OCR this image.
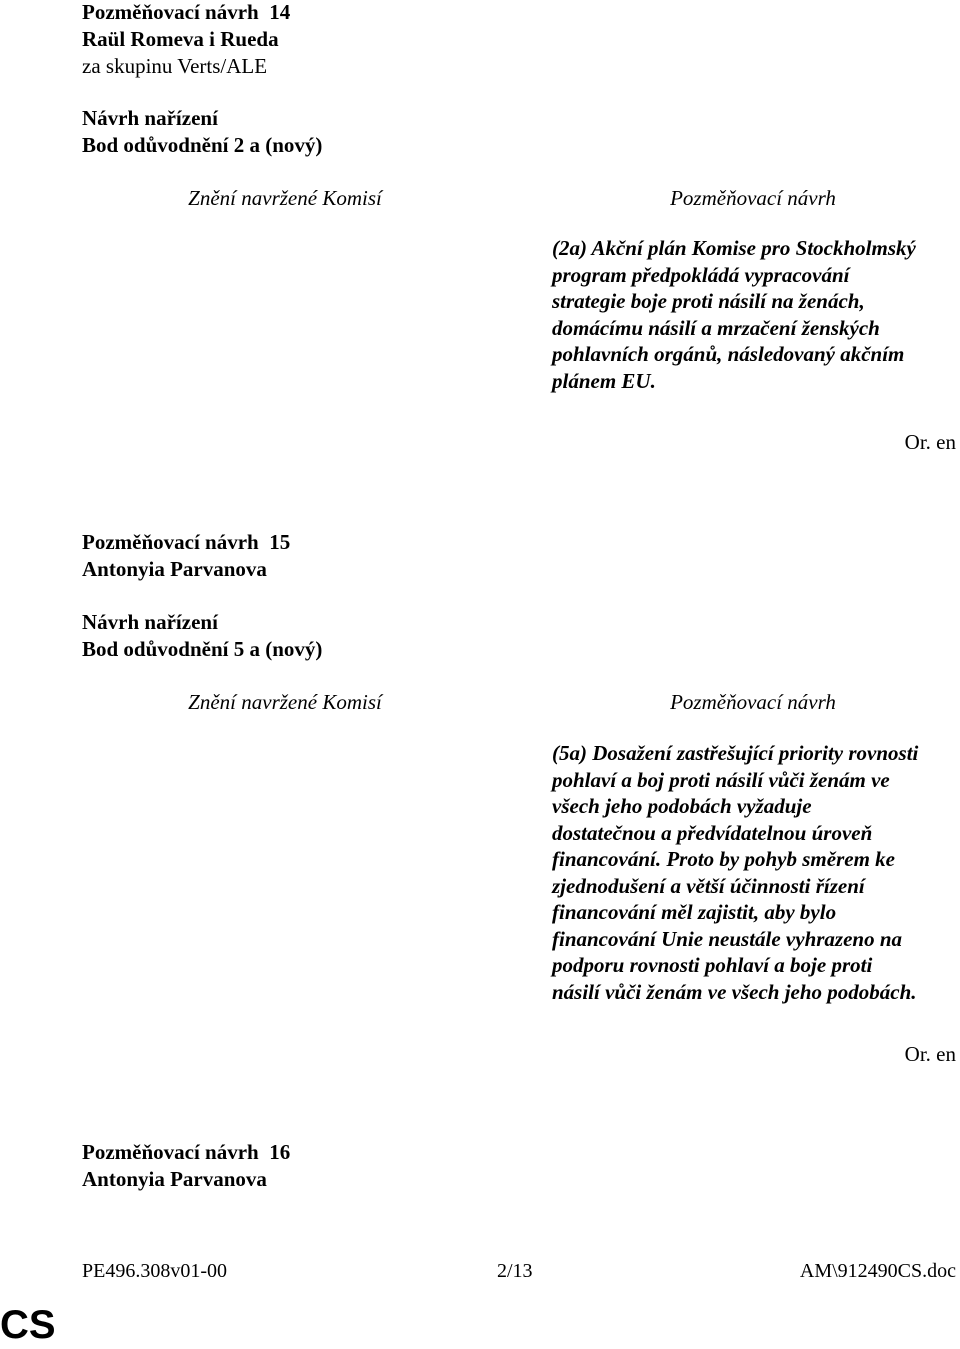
Pozměňovací návrh 14
Raül Romeva i Rueda
za skupinu Verts/ALE
Návrh nařízení
Bod odůvodnění 2 a (nový)
Znění navržené Komisí	Pozměňovací návrh
(2a) Akční plán Komise pro Stockholmský
program předpokládá vypracování
strategie boje proti násilí na ženách,
domácímu násilí a mrzačení ženských
pohlavních orgánů, následovaný akčním
plánem EU.
Or. en
Pozměňovací návrh 15
Antonyia Parvanova
Návrh nařízení
Bod odůvodnění 5 a (nový)
Znění navržené Komisí	Pozměňovací návrh
(5a) Dosažení zastřešující priority rovnosti
pohlaví a boj proti násilí vůči ženám ve
všech jeho podobách vyžaduje
dostatečnou a předvídatelnou úroveň
financování. Proto by pohyb směrem ke
zjednodušení a větší účinnosti řízení
financování měl zajistit, aby bylo
financování Unie neustále vyhrazeno na
podporu rovnosti pohlaví a boje proti
násilí vůči ženám ve všech jeho podobách.
Or. en
Pozměňovací návrh 16
Antonyia Parvanova
PE496.308v01-00	2/13	AM\912490CS.doc
CS
